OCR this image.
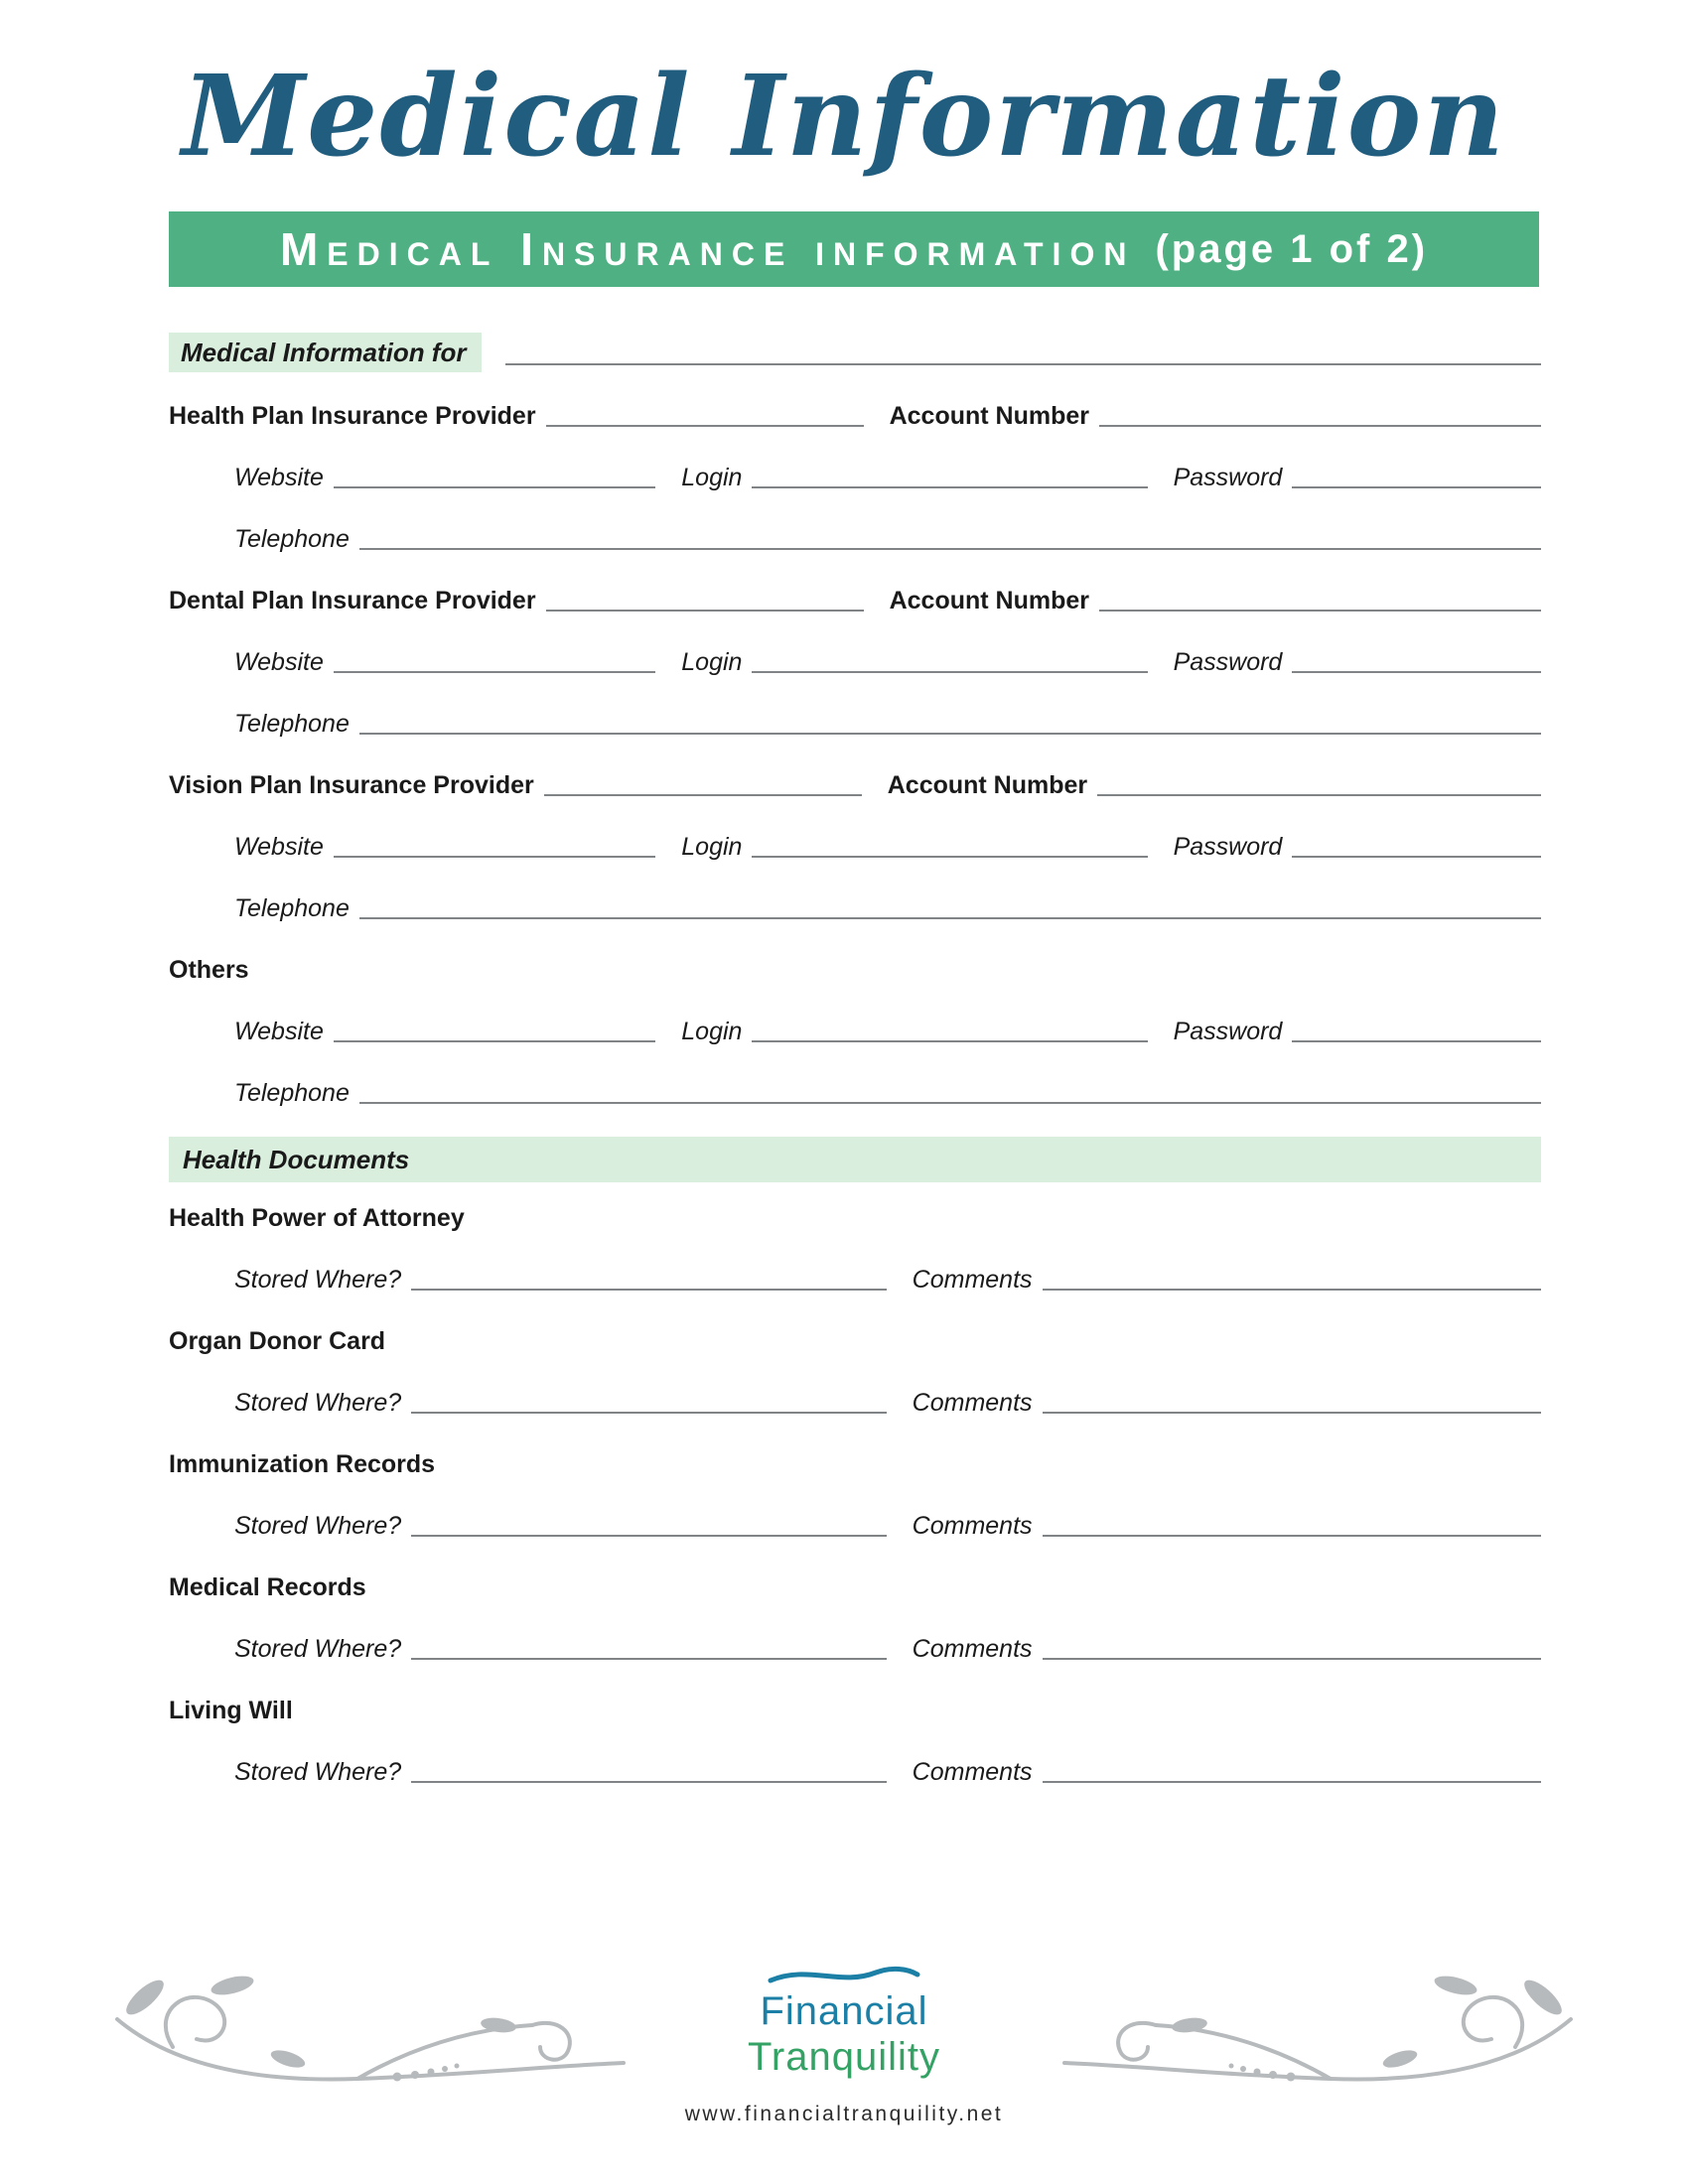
Medical Information
Medical Insurance information (page 1 of 2)
Medical Information for
Health Plan Insurance Provider	Account Number
Website	Login	Password
Telephone
Dental Plan Insurance Provider	Account Number
Website	Login	Password
Telephone
Vision Plan Insurance Provider	Account Number
Website	Login	Password
Telephone
Others
Website	Login	Password
Telephone
Health Documents
Health Power of Attorney
Stored Where?	Comments
Organ Donor Card
Stored Where?	Comments
Immunization Records
Stored Where?	Comments
Medical Records
Stored Where?	Comments
Living Will
Stored Where?	Comments
Financial
Tranquility
www.financialtranquility.net
